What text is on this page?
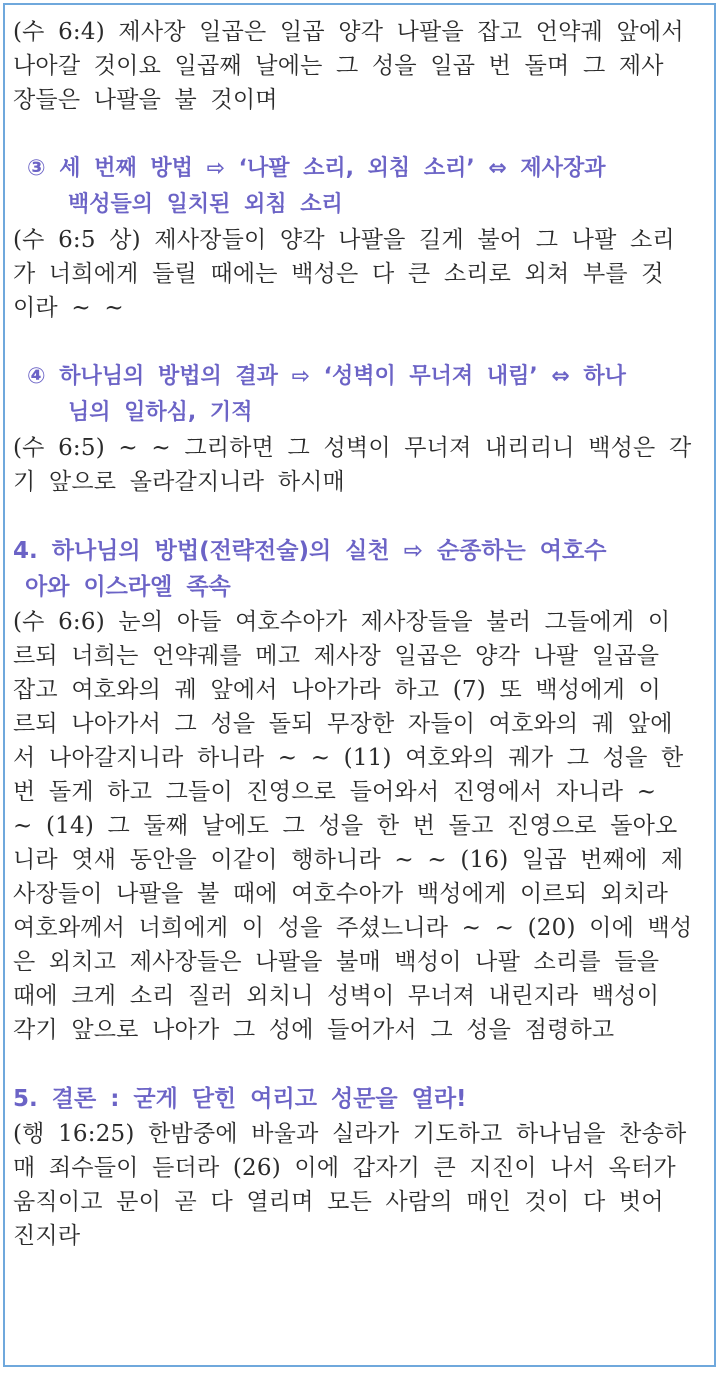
(수 6:4) 제사장 일곱은 일곱 양각 나팔을 잡고 언약궤 앞에서

나아갈 것이요 일곱째 날에는 그 성을 일곱 번 돌며 그 제사

장들은 나팔을 불 것이며

③ 세 번째 방법 ⇨ ‘나팔 소리, 외침 소리’ ⇔ 제사장과
백성들의 일치된 외침 소리

(수 6:5 상) 제사장들이 양각 나팔을 길게 불어 그 나팔 소리

가 너희에게 들릴 때에는 백성은 다 큰 소리로 외쳐 부를 것

이라 ~ ~

④ 하나님의 방법의 결과 ⇨ ‘성벽이 무너져 내림’ ⇔ 하나
님의 일하심, 기적

(수 6:5) ~ ~ 그리하면 그 성벽이 무너져 내리리니 백성은 각

기 앞으로 올라갈지니라 하시매

4. 하나님의 방법(전략전술)의 실천 ⇨ 순종하는 여호수
아와 이스라엘 족속

(수 6:6) 눈의 아들 여호수아가 제사장들을 불러 그들에게 이

르되 너희는 언약궤를 메고 제사장 일곱은 양각 나팔 일곱을

잡고 여호와의 궤 앞에서 나아가라 하고 (7) 또 백성에게 이

르되 나아가서 그 성을 돌되 무장한 자들이 여호와의 궤 앞에

서 나아갈지니라 하니라 ~ ~ (11) 여호와의 궤가 그 성을 한

번 돌게 하고 그들이 진영으로 들어와서 진영에서 자니라 ~

~ (14) 그 둘째 날에도 그 성을 한 번 돌고 진영으로 돌아오

니라 엿새 동안을 이같이 행하니라 ~ ~ (16) 일곱 번째에 제

사장들이 나팔을 불 때에 여호수아가 백성에게 이르되 외치라

여호와께서 너희에게 이 성을 주셨느니라 ~ ~ (20) 이에 백성

은 외치고 제사장들은 나팔을 불매 백성이 나팔 소리를 들을

때에 크게 소리 질러 외치니 성벽이 무너져 내린지라 백성이

각기 앞으로 나아가 그 성에 들어가서 그 성을 점령하고

5. 결론 : 굳게 닫힌 여리고 성문을 열라!

(행 16:25) 한밤중에 바울과 실라가 기도하고 하나님을 찬송하

매 죄수들이 듣더라 (26) 이에 갑자기 큰 지진이 나서 옥터가

움직이고 문이 곧 다 열리며 모든 사람의 매인 것이 다 벗어

진지라
